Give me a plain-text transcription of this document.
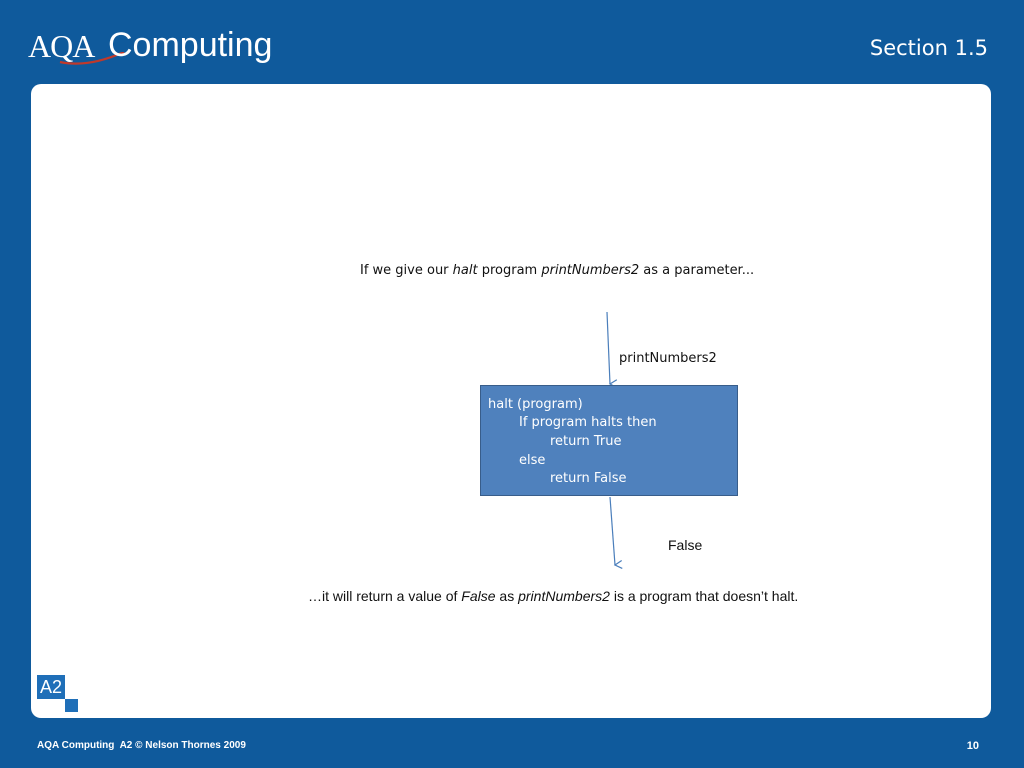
AQA Computing	Section 1.5
If we give our halt program printNumbers2 as a parameter...
printNumbers2
halt (program)
If program halts then
return True
else
return False
False
…it will return a value of False as printNumbers2 is a program that doesn’t halt.
A2
AQA Computing  A2 © Nelson Thornes 2009	10
